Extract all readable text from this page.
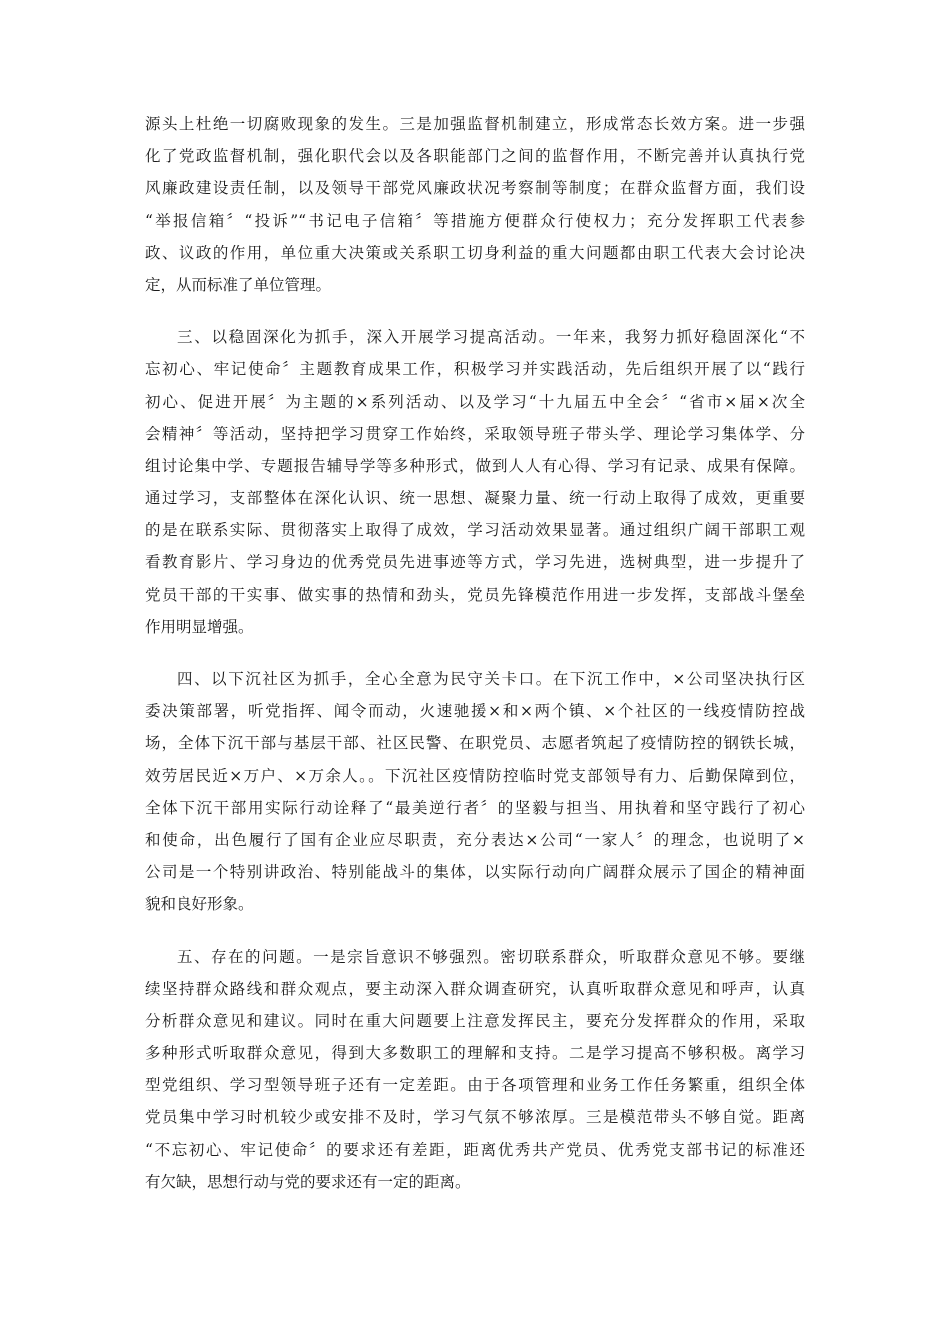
源头上杜绝一切腐败现象的发生。三是加强监督机制建立，形成常态长效方案。进一步强
化了党政监督机制，强化职代会以及各职能部门之间的监督作用，不断完善并认真执行党
风廉政建设责任制，以及领导干部党风廉政状况考察制等制度；在群众监督方面，我们设
“举报信箱〞“投诉”“书记电子信箱〞等措施方便群众行使权力；充分发挥职工代表参
政、议政的作用，单位重大决策或关系职工切身利益的重大问题都由职工代表大会讨论决
定，从而标准了单位管理。
三、以稳固深化为抓手，深入开展学习提高活动。一年来，我努力抓好稳固深化“不
忘初心、牢记使命〞主题教育成果工作，积极学习并实践活动，先后组织开展了以“践行
初心、促进开展〞为主题的×系列活动、以及学习“十九届五中全会〞“省市×届×次全
会精神〞等活动，坚持把学习贯穿工作始终，采取领导班子带头学、理论学习集体学、分
组讨论集中学、专题报告辅导学等多种形式，做到人人有心得、学习有记录、成果有保障。
通过学习，支部整体在深化认识、统一思想、凝聚力量、统一行动上取得了成效，更重要
的是在联系实际、贯彻落实上取得了成效，学习活动效果显著。通过组织广阔干部职工观
看教育影片、学习身边的优秀党员先进事迹等方式，学习先进，选树典型，进一步提升了
党员干部的干实事、做实事的热情和劲头，党员先锋模范作用进一步发挥，支部战斗堡垒
作用明显增强。
四、以下沉社区为抓手，全心全意为民守关卡口。在下沉工作中，×公司坚决执行区
委决策部署，听党指挥、闻令而动，火速驰援×和×两个镇、×个社区的一线疫情防控战
场，全体下沉干部与基层干部、社区民警、在职党员、志愿者筑起了疫情防控的钢铁长城，
效劳居民近×万户、×万余人。。下沉社区疫情防控临时党支部领导有力、后勤保障到位，
全体下沉干部用实际行动诠释了“最美逆行者〞的坚毅与担当、用执着和坚守践行了初心
和使命，出色履行了国有企业应尽职责，充分表达×公司“一家人〞的理念，也说明了×
公司是一个特别讲政治、特别能战斗的集体，以实际行动向广阔群众展示了国企的精神面
貌和良好形象。
五、存在的问题。一是宗旨意识不够强烈。密切联系群众，听取群众意见不够。要继
续坚持群众路线和群众观点，要主动深入群众调查研究，认真听取群众意见和呼声，认真
分析群众意见和建议。同时在重大问题要上注意发挥民主，要充分发挥群众的作用，采取
多种形式听取群众意见，得到大多数职工的理解和支持。二是学习提高不够积极。离学习
型党组织、学习型领导班子还有一定差距。由于各项管理和业务工作任务繁重，组织全体
党员集中学习时机较少或安排不及时，学习气氛不够浓厚。三是模范带头不够自觉。距离
“不忘初心、牢记使命〞的要求还有差距，距离优秀共产党员、优秀党支部书记的标准还
有欠缺，思想行动与党的要求还有一定的距离。
